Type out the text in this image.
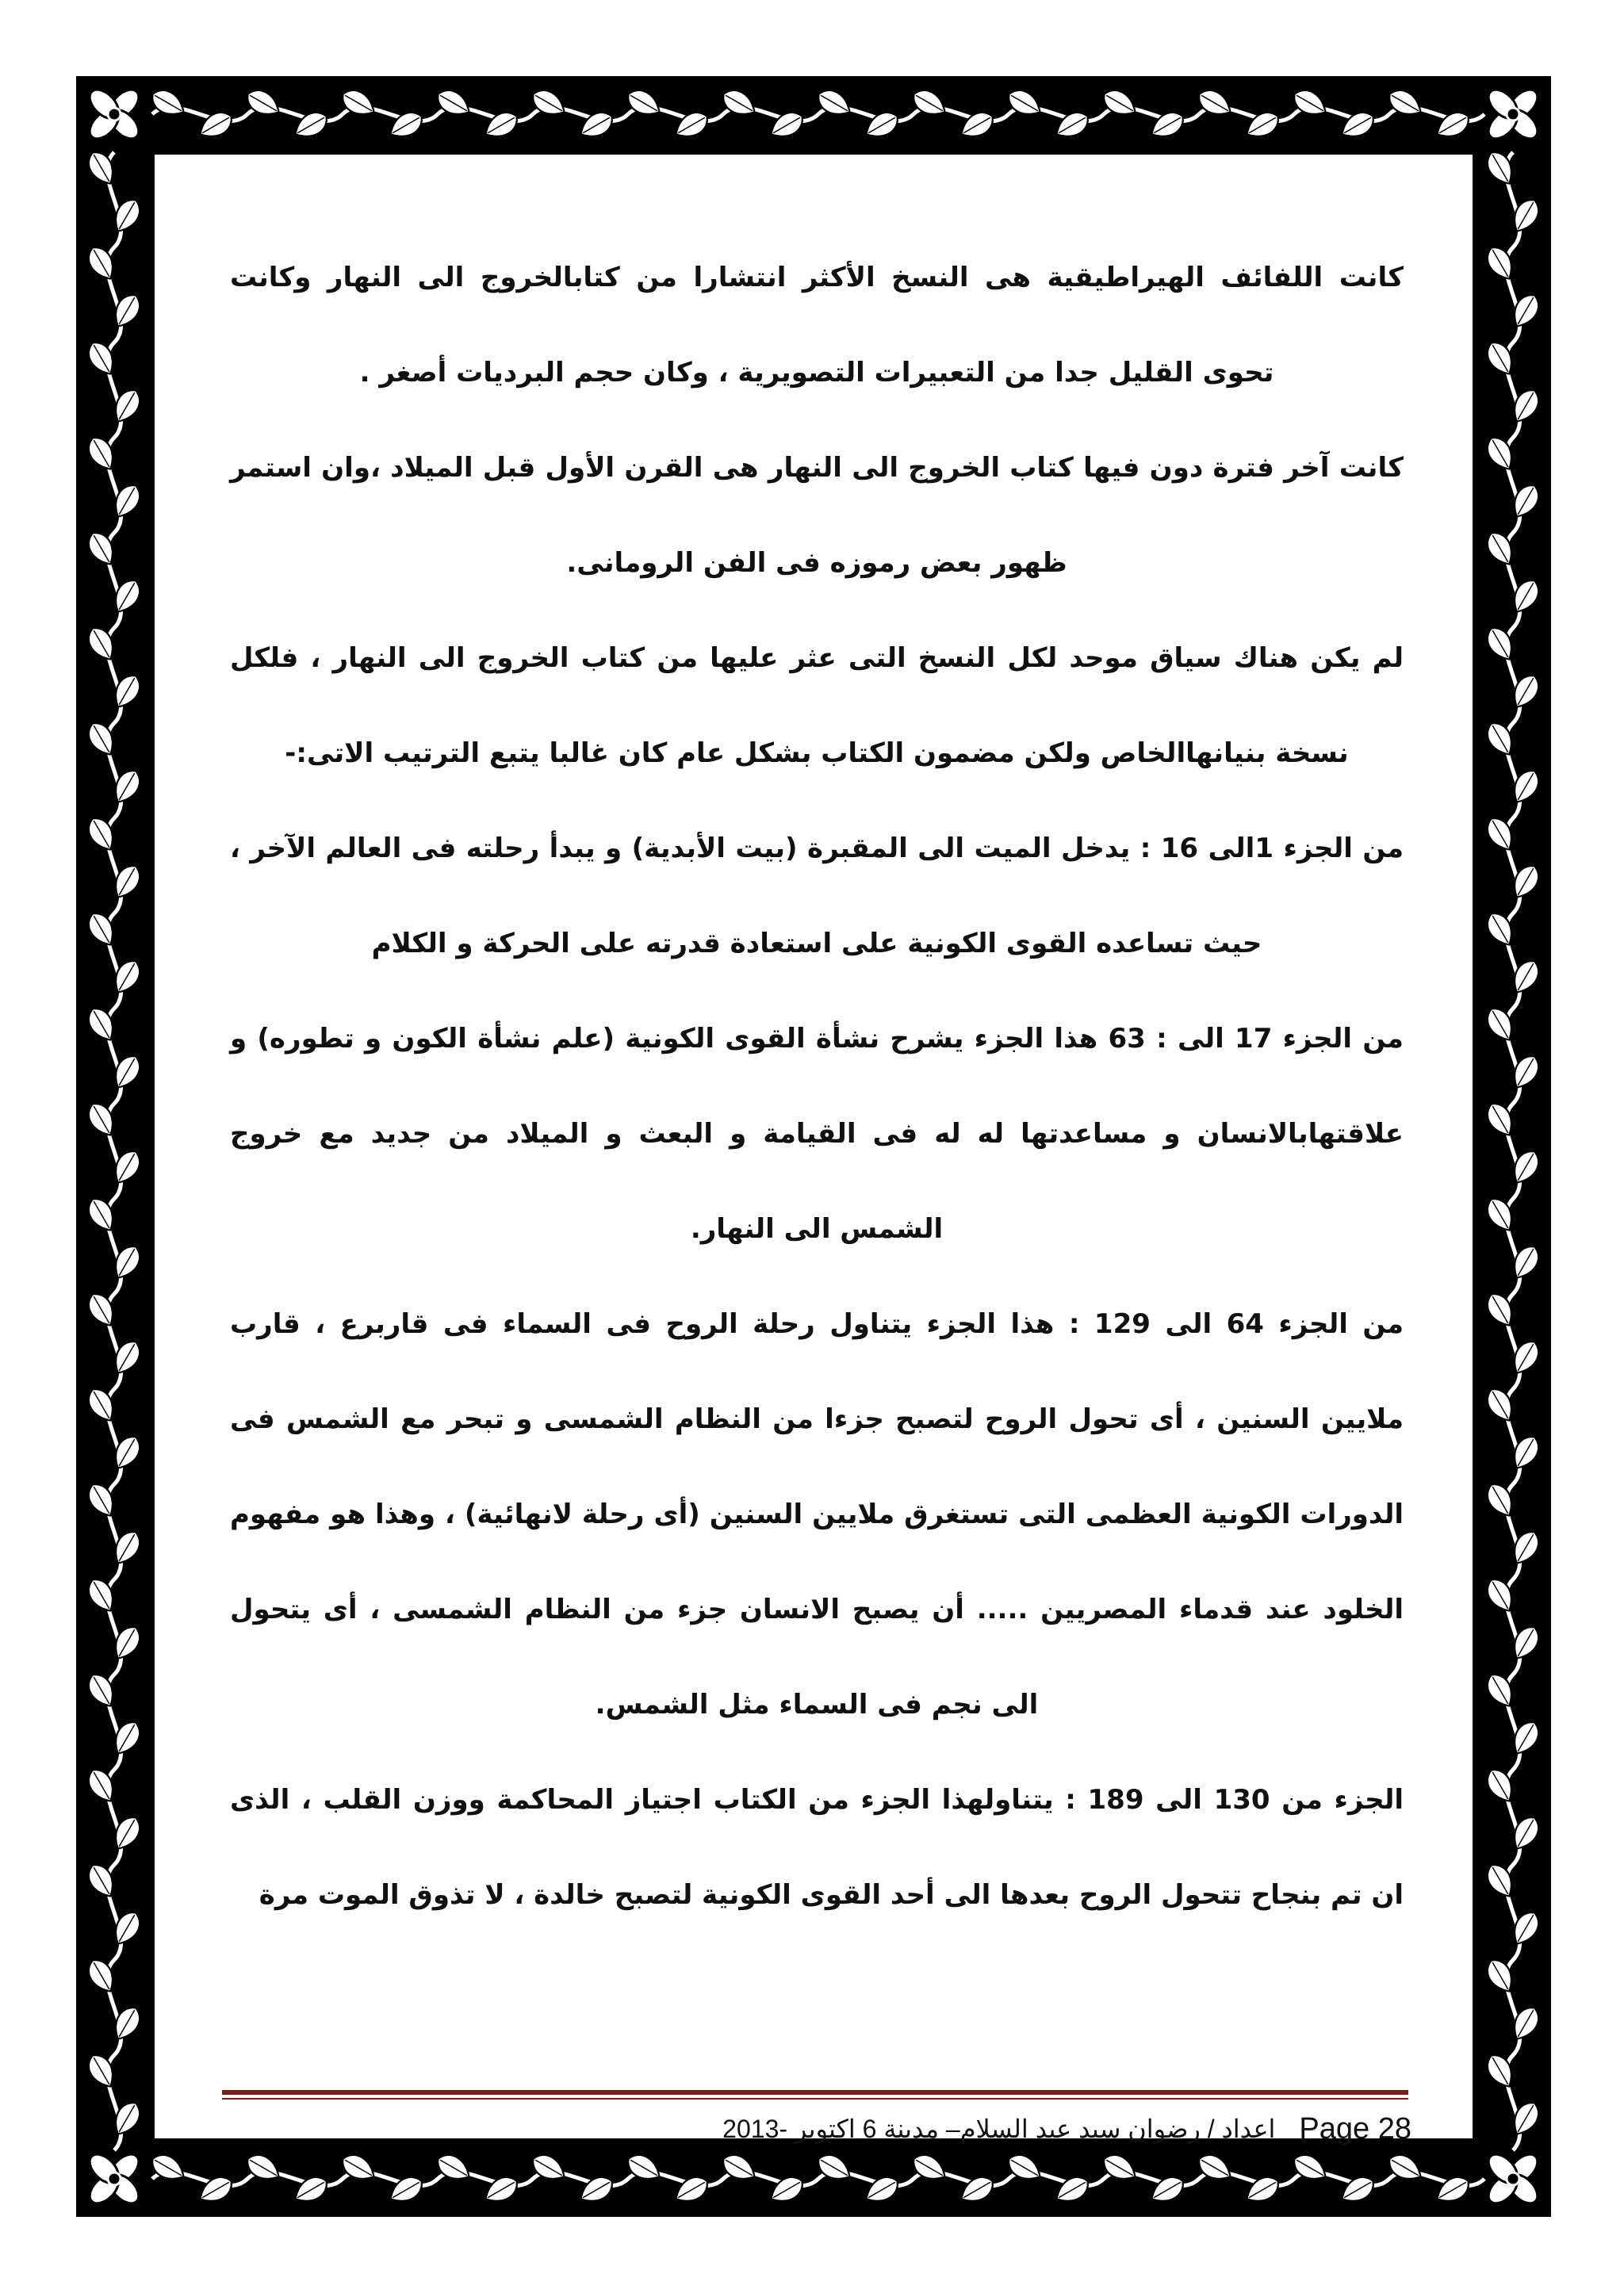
كانت اللفائف الهيراطيقية هى النسخ الأكثر انتشارا من كتابالخروج الى النهار وكانت تحوى القليل جدا من التعبيرات التصويرية ، وكان حجم البرديات أصغر .

كانت آخر فترة دون فيها كتاب الخروج الى النهار هى القرن الأول قبل الميلاد ،وان استمر ظهور بعض رموزه فى الفن الرومانى.

لم يكن هناك سياق موحد لكل النسخ التى عثر عليها من كتاب الخروج الى النهار ، فلكل نسخة بنيانهاالخاص ولكن مضمون الكتاب بشكل عام كان غالبا يتبع الترتيب الاتى:-

من الجزء 1الى 16 : يدخل الميت الى المقبرة (بيت الأبدية) و يبدأ رحلته فى العالم الآخر ، حيث تساعده القوى الكونية على استعادة قدرته على الحركة و الكلام

من الجزء 17 الى : 63 هذا الجزء يشرح نشأة القوى الكونية (علم نشأة الكون و تطوره) و علاقتهابالانسان و مساعدتها له له فى القيامة و البعث و الميلاد من جديد مع خروج الشمس الى النهار.

من الجزء 64 الى 129 : هذا الجزء يتناول رحلة الروح فى السماء فى قاربرع ، قارب ملايين السنين ، أى تحول الروح لتصبح جزءا من النظام الشمسى و تبحر مع الشمس فى الدورات الكونية العظمى التى تستغرق ملايين السنين (أى رحلة لانهائية) ، وهذا هو مفهوم الخلود عند قدماء المصريين ..... أن يصبح الانسان جزء من النظام الشمسى ، أى يتحول الى نجم فى السماء مثل الشمس.

الجزء من 130 الى 189 : يتناولهذا الجزء من الكتاب اجتياز المحاكمة ووزن القلب ، الذى ان تم بنجاح تتحول الروح بعدها الى أحد القوى الكونية لتصبح خالدة ، لا تذوق الموت مرة

Page 28
اعداد / رضوان سيد عبد السلام– مدينة 6 اكتوبر -2013
